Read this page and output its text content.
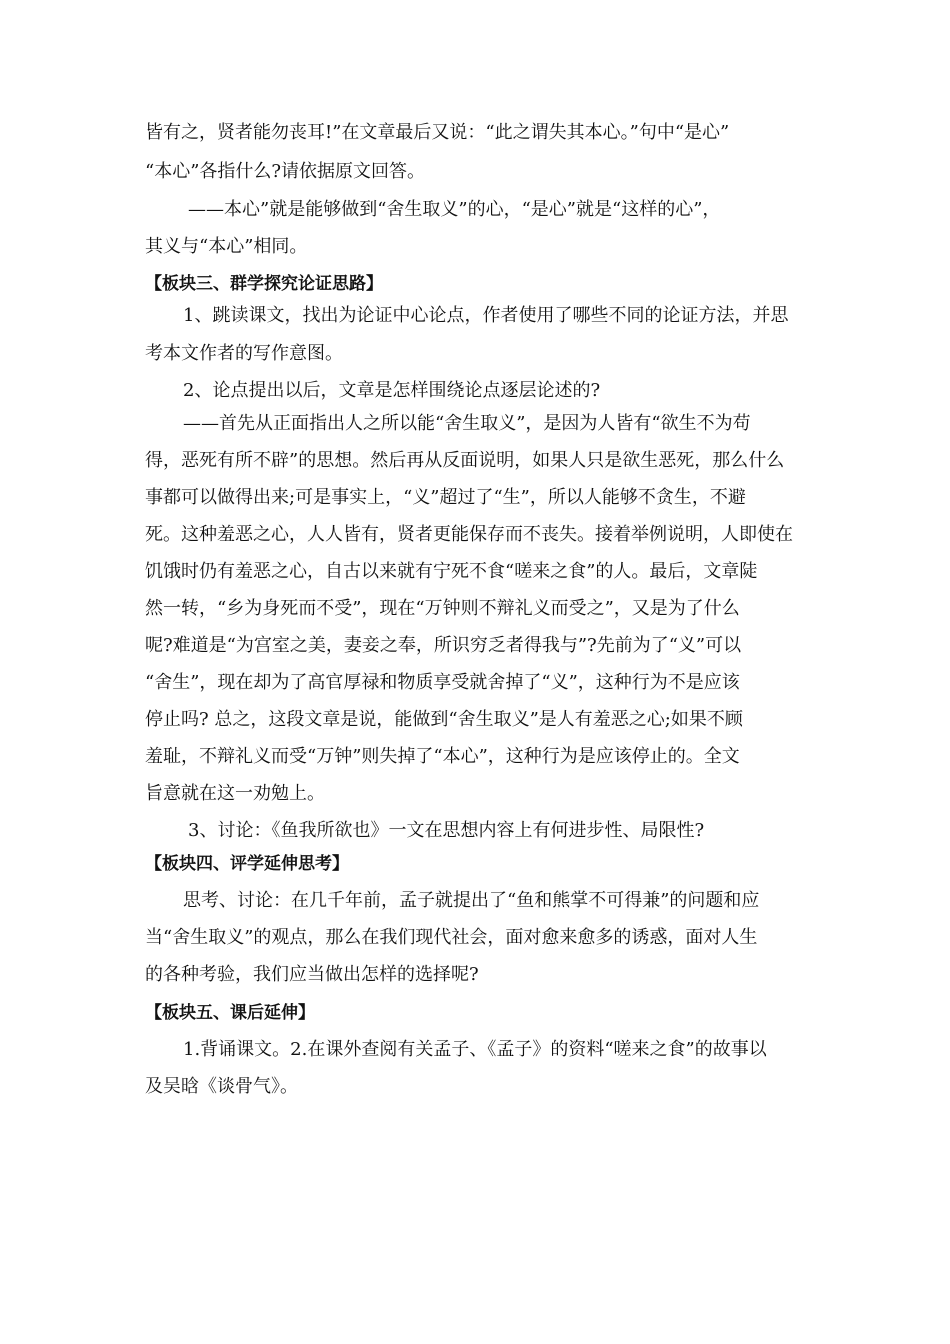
皆有之，贤者能勿丧耳!”在文章最后又说：“此之谓失其本心。”句中“是心”
“本心”各指什么?请依据原文回答。
——本心”就是能够做到“舍生取义”的心，“是心”就是“这样的心”，
其义与“本心”相同。
【板块三、群学探究论证思路】
1、跳读课文，找出为论证中心论点，作者使用了哪些不同的论证方法，并思
考本文作者的写作意图。
2、论点提出以后，文章是怎样围绕论点逐层论述的?
——首先从正面指出人之所以能“舍生取义”，是因为人皆有“欲生不为苟
得，恶死有所不辟”的思想。然后再从反面说明，如果人只是欲生恶死，那么什么
事都可以做得出来;可是事实上，“义”超过了“生”，所以人能够不贪生，不避
死。这种羞恶之心，人人皆有，贤者更能保存而不丧失。接着举例说明，人即使在
饥饿时仍有羞恶之心，自古以来就有宁死不食“嗟来之食”的人。最后，文章陡
然一转，“乡为身死而不受”，现在“万钟则不辩礼义而受之”，又是为了什么
呢?难道是“为宫室之美，妻妾之奉，所识穷乏者得我与”?先前为了“义”可以
“舍生”，现在却为了高官厚禄和物质享受就舍掉了“义”，这种行为不是应该
停止吗? 总之，这段文章是说，能做到“舍生取义”是人有羞恶之心;如果不顾
羞耻，不辩礼义而受“万钟”则失掉了“本心”，这种行为是应该停止的。全文
旨意就在这一劝勉上。
3、讨论：《鱼我所欲也》一文在思想内容上有何进步性、局限性?
【板块四、评学延伸思考】
思考、讨论：在几千年前，孟子就提出了“鱼和熊掌不可得兼”的问题和应
当“舍生取义”的观点，那么在我们现代社会，面对愈来愈多的诱惑，面对人生
的各种考验，我们应当做出怎样的选择呢?
【板块五、课后延伸】
1.背诵课文。2.在课外查阅有关孟子、《孟子》的资料“嗟来之食”的故事以
及吴晗《谈骨气》。
